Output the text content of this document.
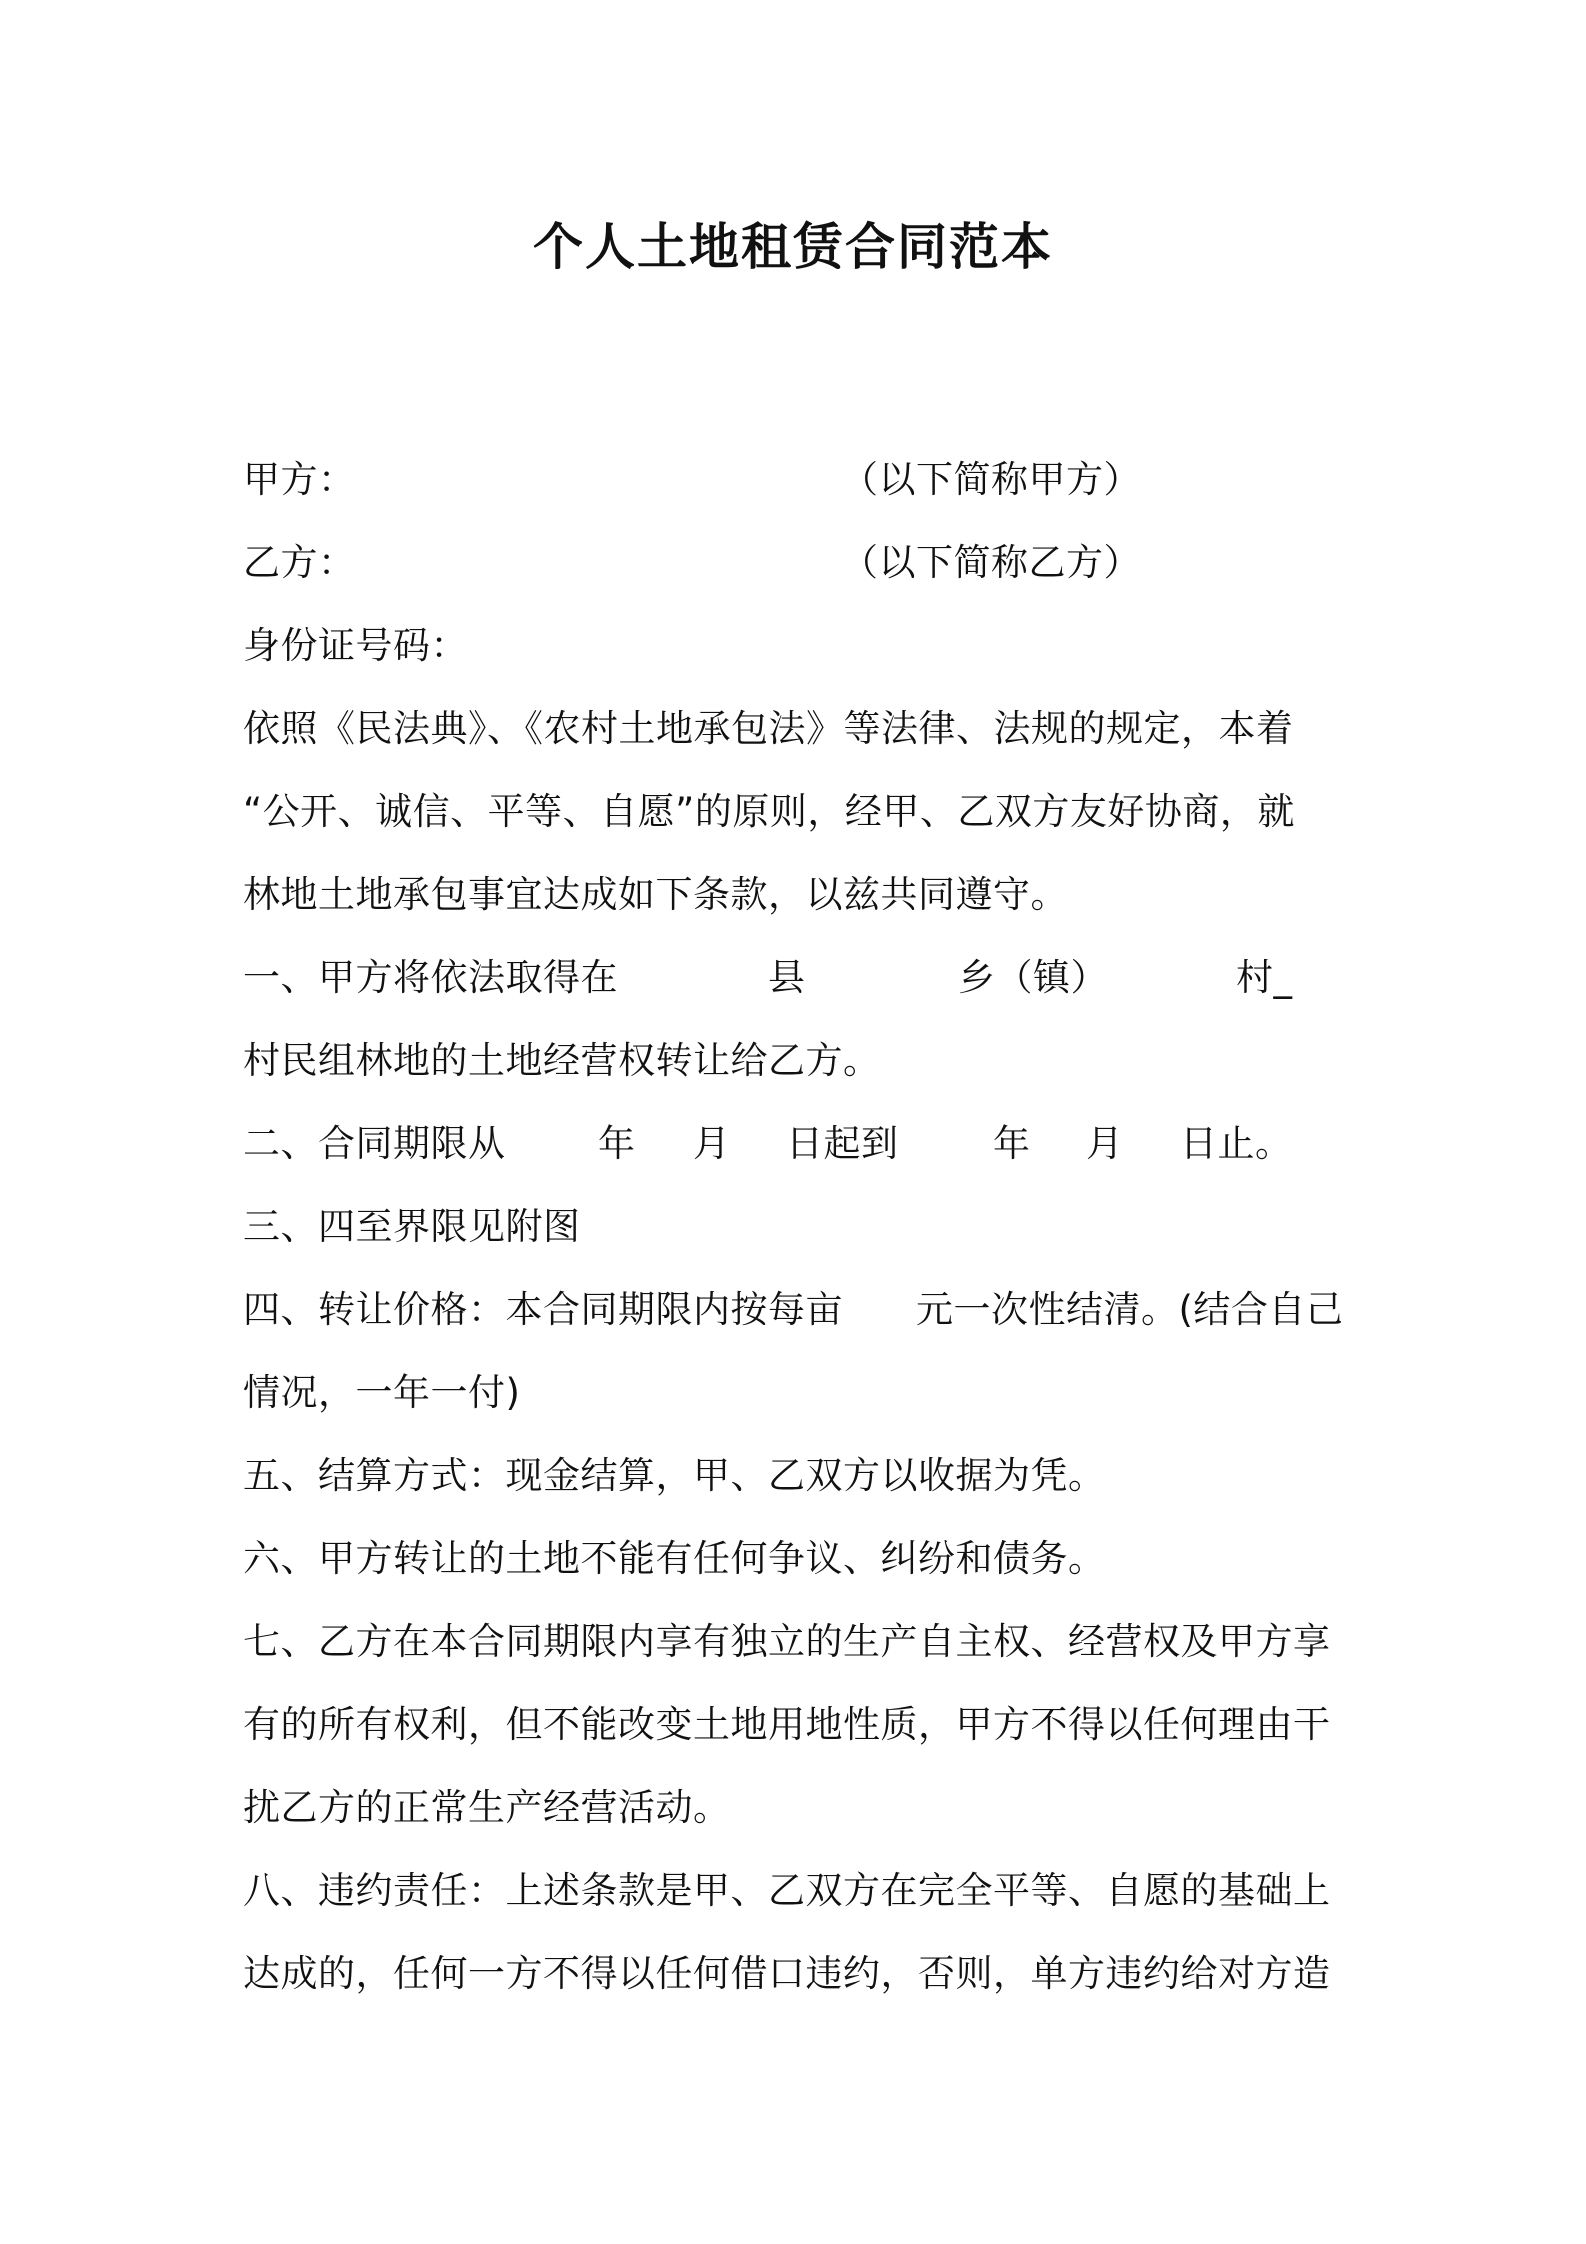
个人土地租赁合同范本
甲方：	（以下简称甲方）
乙方：	（以下简称乙方）
身份证号码：
依照《民法典》、《农村土地承包法》等法律、法规的规定，本着
“公开、诚信、平等、自愿”的原则，经甲、乙双方友好协商，就
林地土地承包事宜达成如下条款，以兹共同遵守。
一、甲方将依法取得在	县	乡（镇）	村_
村民组林地的土地经营权转让给乙方。
二、合同期限从	年 月 日起到	年 月 日止。
三、四至界限见附图
四、转让价格：本合同期限内按每亩 元一次性结清。(结合自己
情况，一年一付)
五、结算方式：现金结算，甲、乙双方以收据为凭。
六、甲方转让的土地不能有任何争议、纠纷和债务。
七、乙方在本合同期限内享有独立的生产自主权、经营权及甲方享
有的所有权利，但不能改变土地用地性质，甲方不得以任何理由干
扰乙方的正常生产经营活动。
八、违约责任：上述条款是甲、乙双方在完全平等、自愿的基础上
达成的，任何一方不得以任何借口违约，否则，单方违约给对方造
